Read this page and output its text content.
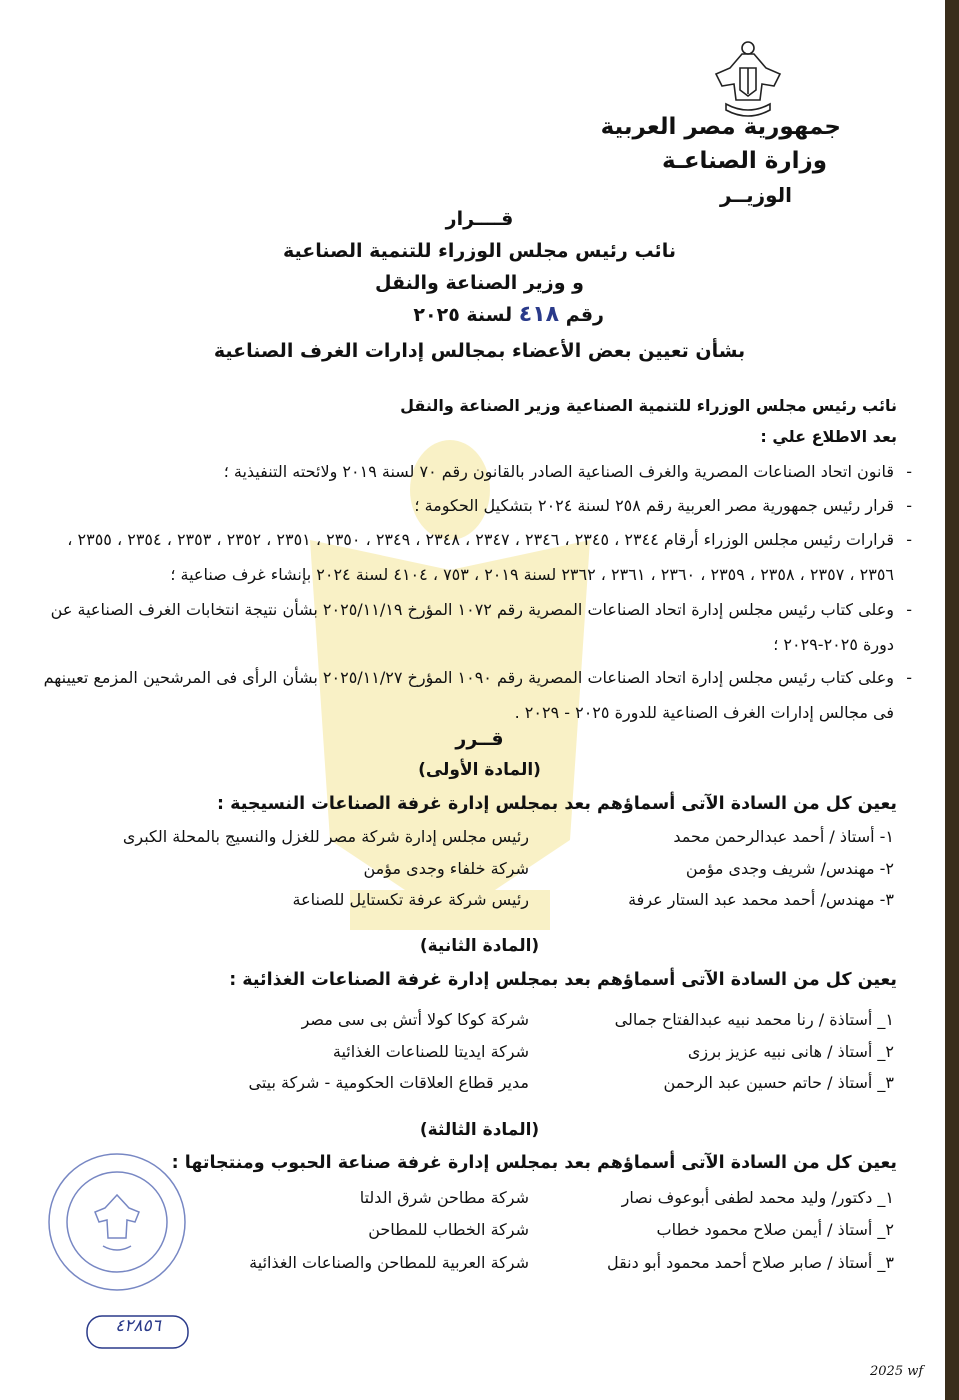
جمهورية مصر العربية
وزارة الصناعـة
الوزيــر
قــــرار
نائب رئيس مجلس الوزراء للتنمية الصناعية
و وزير الصناعة والنقل
رقم ٤١٨ لسنة ٢٠٢٥
بشأن تعيين بعض الأعضاء بمجالس إدارات الغرف الصناعية
نائب رئيس مجلس الوزراء للتنمية الصناعية وزير الصناعة والنقل
بعد الاطلاع علي :
-
قانون اتحاد الصناعات المصرية والغرف الصناعية الصادر بالقانون رقم ٧٠ لسنة ٢٠١٩ ولائحته التنفيذية ؛
-
قرار رئيس جمهورية مصر العربية رقم ٢٥٨ لسنة ٢٠٢٤ بتشكيل الحكومة ؛
-
قرارات رئيس مجلس الوزراء أرقام ٢٣٤٤ ، ٢٣٤٥ ، ٢٣٤٦ ، ٢٣٤٧ ، ٢٣٤٨ ، ٢٣٤٩ ، ٢٣٥٠ ، ٢٣٥١ ، ٢٣٥٢ ، ٢٣٥٣ ، ٢٣٥٤ ، ٢٣٥٥ ، ٢٣٥٦ ، ٢٣٥٧ ، ٢٣٥٨ ، ٢٣٥٩ ، ٢٣٦٠ ، ٢٣٦١ ، ٢٣٦٢ لسنة ٢٠١٩ ، ٧٥٣ ، ٤١٠٤ لسنة ٢٠٢٤ بإنشاء غرف صناعية ؛
-
وعلى كتاب رئيس مجلس إدارة اتحاد الصناعات المصرية رقم ١٠٧٢ المؤرخ ٢٠٢٥/١١/١٩ بشأن نتيجة انتخابات الغرف الصناعية عن دورة ٢٠٢٥-٢٠٢٩ ؛
-
وعلى كتاب رئيس مجلس إدارة اتحاد الصناعات المصرية رقم ١٠٩٠ المؤرخ ٢٠٢٥/١١/٢٧ بشأن الرأى فى المرشحين المزمع تعيينهم فى مجالس إدارات الغرف الصناعية للدورة ٢٠٢٥ - ٢٠٢٩ .
قــرر
(المادة الأولى)
يعين كل من السادة الآتى أسماؤهم بعد بمجلس إدارة غرفة الصناعات النسيجية :
١- أستاذ / أحمد عبدالرحمن محمد
رئيس مجلس إدارة شركة مصر للغزل والنسيج بالمحلة الكبرى
٢- مهندس/ شريف وجدى مؤمن
شركة خلفاء وجدى مؤمن
٣- مهندس/ أحمد محمد عبد الستار عرفة
رئيس شركة عرفة تكستايل للصناعة
(المادة الثانية)
يعين كل من السادة الآتى أسماؤهم بعد بمجلس إدارة غرفة الصناعات الغذائية :
١_ أستاذة / رنا محمد نبيه عبدالفتاح جمالى
شركة كوكا كولا أتش بى سى مصر
٢_ أستاذ / هانى نبيه عزيز برزى
شركة ايديتا للصناعات الغذائية
٣_ أستاذ / حاتم حسين عبد الرحمن
مدير قطاع العلاقات الحكومية - شركة بيتى
(المادة الثالثة)
يعين كل من السادة الآتى أسماؤهم بعد بمجلس إدارة غرفة صناعة الحبوب ومنتجاتها :
١_ دكتور/ وليد محمد لطفى أبوعوف نصار
شركة مطاحن شرق الدلتا
٢_ أستاذ / أيمن صلاح محمود خطاب
شركة الخطاب للمطاحن
٣_ أستاذ / صابر صلاح أحمد محمود أبو دنقل
شركة العربية للمطاحن والصناعات الغذائية
٤٢٨٥٦
2025 wf
